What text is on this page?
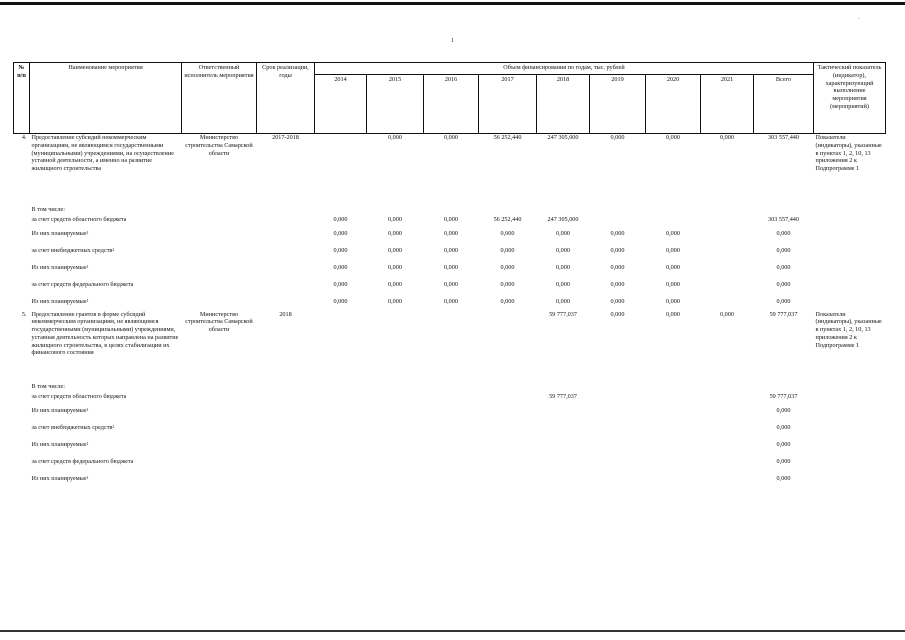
1
·
№
п/п	Наименование мероприятия	Ответственный исполнитель мероприятия	Срок реализации, годы	Объем финансирования по годам, тыс. рублей									Тактический показатель (индикатор), характеризующий выполнение мероприятия (мероприятий)
				2014	2015	2016	2017	2018	2019	2020	2021	Всего	
4.	Предоставление субсидий некоммерческим организациям, не являющимся государственными (муниципальными) учреждениями, на осуществление уставной деятельности, а именно на развитие жилищного строительства	Министерство строительства Самарской области	2017-2018		0,000	0,000	56 252,440	247 305,000	0,000	0,000	0,000	303 557,440	Показатели (индикаторы), указанные в пунктах 1, 2, 10, 13 приложения 2 к Подпрограмме 1
	В том числе:												
	за счет средств областного бюджета			0,000	0,000	0,000	56 252,440	247 305,000				303 557,440	
	Из них планируемые$^1$			0,000	0,000	0,000	0,000	0,000	0,000	0,000		0,000	
	за счет внебюджетных средств$^2$			0,000	0,000	0,000	0,000	0,000	0,000	0,000		0,000	
	Из них планируемые$^1$			0,000	0,000	0,000	0,000	0,000	0,000	0,000		0,000	
	за счет средств федерального бюджета			0,000	0,000	0,000	0,000	0,000	0,000	0,000		0,000	
	Из них планируемые$^1$			0,000	0,000	0,000	0,000	0,000	0,000	0,000		0,000	
5.	Предоставление грантов в форме субсидий некоммерческим организациям, не являющимся государственными (муниципальными) учреждениями, уставная деятельность которых направлена на развитие жилищного строительства, в целях стабилизации их финансового состояния	Министерство строительства Самарской области	2018					59 777,037	0,000	0,000	0,000	59 777,037	Показатели (индикаторы), указанные в пунктах 1, 2, 10, 13 приложения 2 к Подпрограмме 1
	В том числе:												
	за счет средств областного бюджета							59 777,037				59 777,037	
	Из них планируемые$^1$											0,000	
	за счет внебюджетных средств$^2$											0,000	
	Из них планируемые$^1$											0,000	
	за счет средств федерального бюджета											0,000	
	Из них планируемые$^1$											0,000	
